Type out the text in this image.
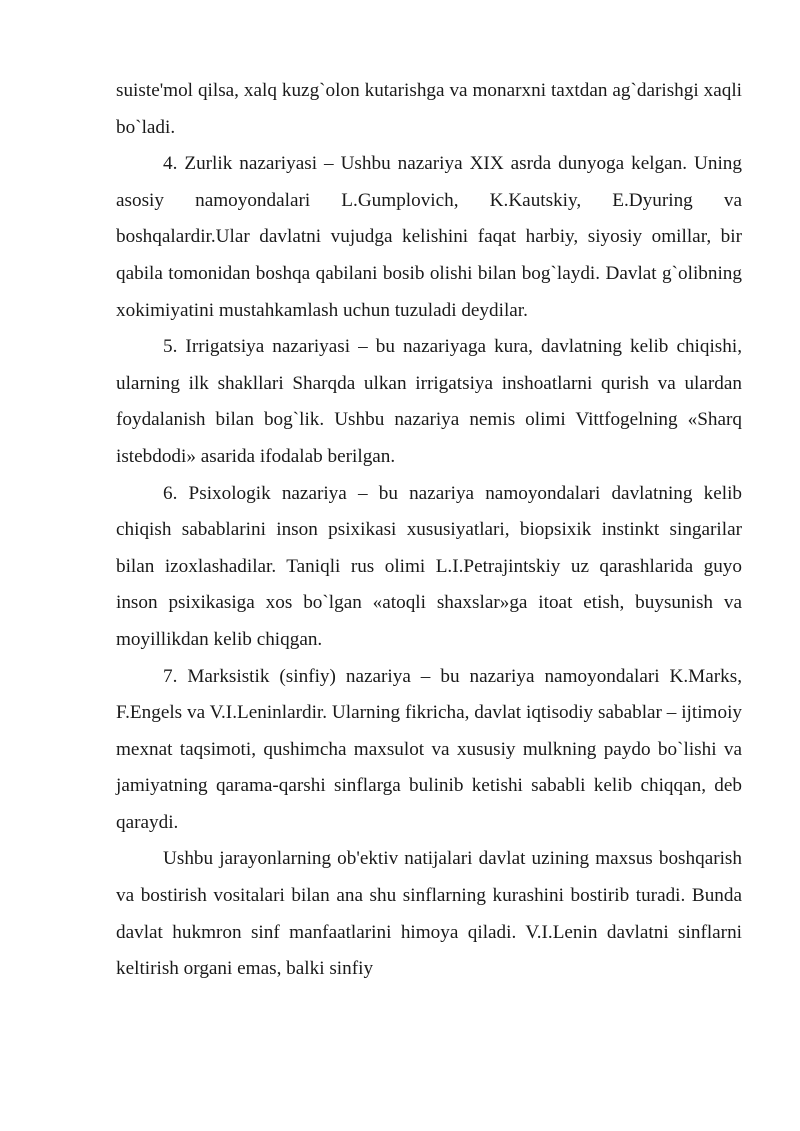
suiste'mol qilsa, xalq kuzg`olon kutarishga va monarxni taxtdan ag`darishgi xaqli bo`ladi.

4. Zurlik nazariyasi – Ushbu nazariya XIX asrda dunyoga kelgan. Uning asosiy namoyondalari L.Gumplovich, K.Kautskiy, E.Dyuring va boshqalardir.Ular davlatni vujudga kelishini faqat harbiy, siyosiy omillar, bir qabila tomonidan boshqa qabilani bosib olishi bilan bog`laydi. Davlat g`olibning xokimiyatini mustahkamlash uchun tuzuladi deydilar.

5. Irrigatsiya nazariyasi – bu nazariyaga kura, davlatning kelib chiqishi, ularning ilk shakllari Sharqda ulkan irrigatsiya inshoatlarni qurish va ulardan foydalanish bilan bog`lik. Ushbu nazariya nemis olimi Vittfogelning «Sharq istebdodi» asarida ifodalab berilgan.

6. Psixologik nazariya – bu nazariya namoyondalari davlatning kelib chiqish sabablarini inson psixikasi xususiyatlari, biopsixik instinkt singarilar bilan izoxlashadilar. Taniqli rus olimi L.I.Petrajintskiy uz qarashlarida guyo inson psixikasiga xos bo`lgan «atoqli shaxslar»ga itoat etish, buysunish va moyillikdan kelib chiqgan.

7. Marksistik (sinfiy) nazariya – bu nazariya namoyondalari K.Marks, F.Engels va V.I.Leninlardir. Ularning fikricha, davlat iqtisodiy sabablar – ijtimoiy mexnat taqsimoti, qushimcha maxsulot va xususiy mulkning paydo bo`lishi va jamiyatning qarama-qarshi sinflarga bulinib ketishi sababli kelib chiqqan, deb qaraydi.

Ushbu jarayonlarning ob'ektiv natijalari davlat uzining maxsus boshqarish va bostirish vositalari bilan ana shu sinflarning kurashini bostirib turadi. Bunda davlat hukmron sinf manfaatlarini himoya qiladi. V.I.Lenin davlatni sinflarni keltirish organi emas, balki sinfiy
